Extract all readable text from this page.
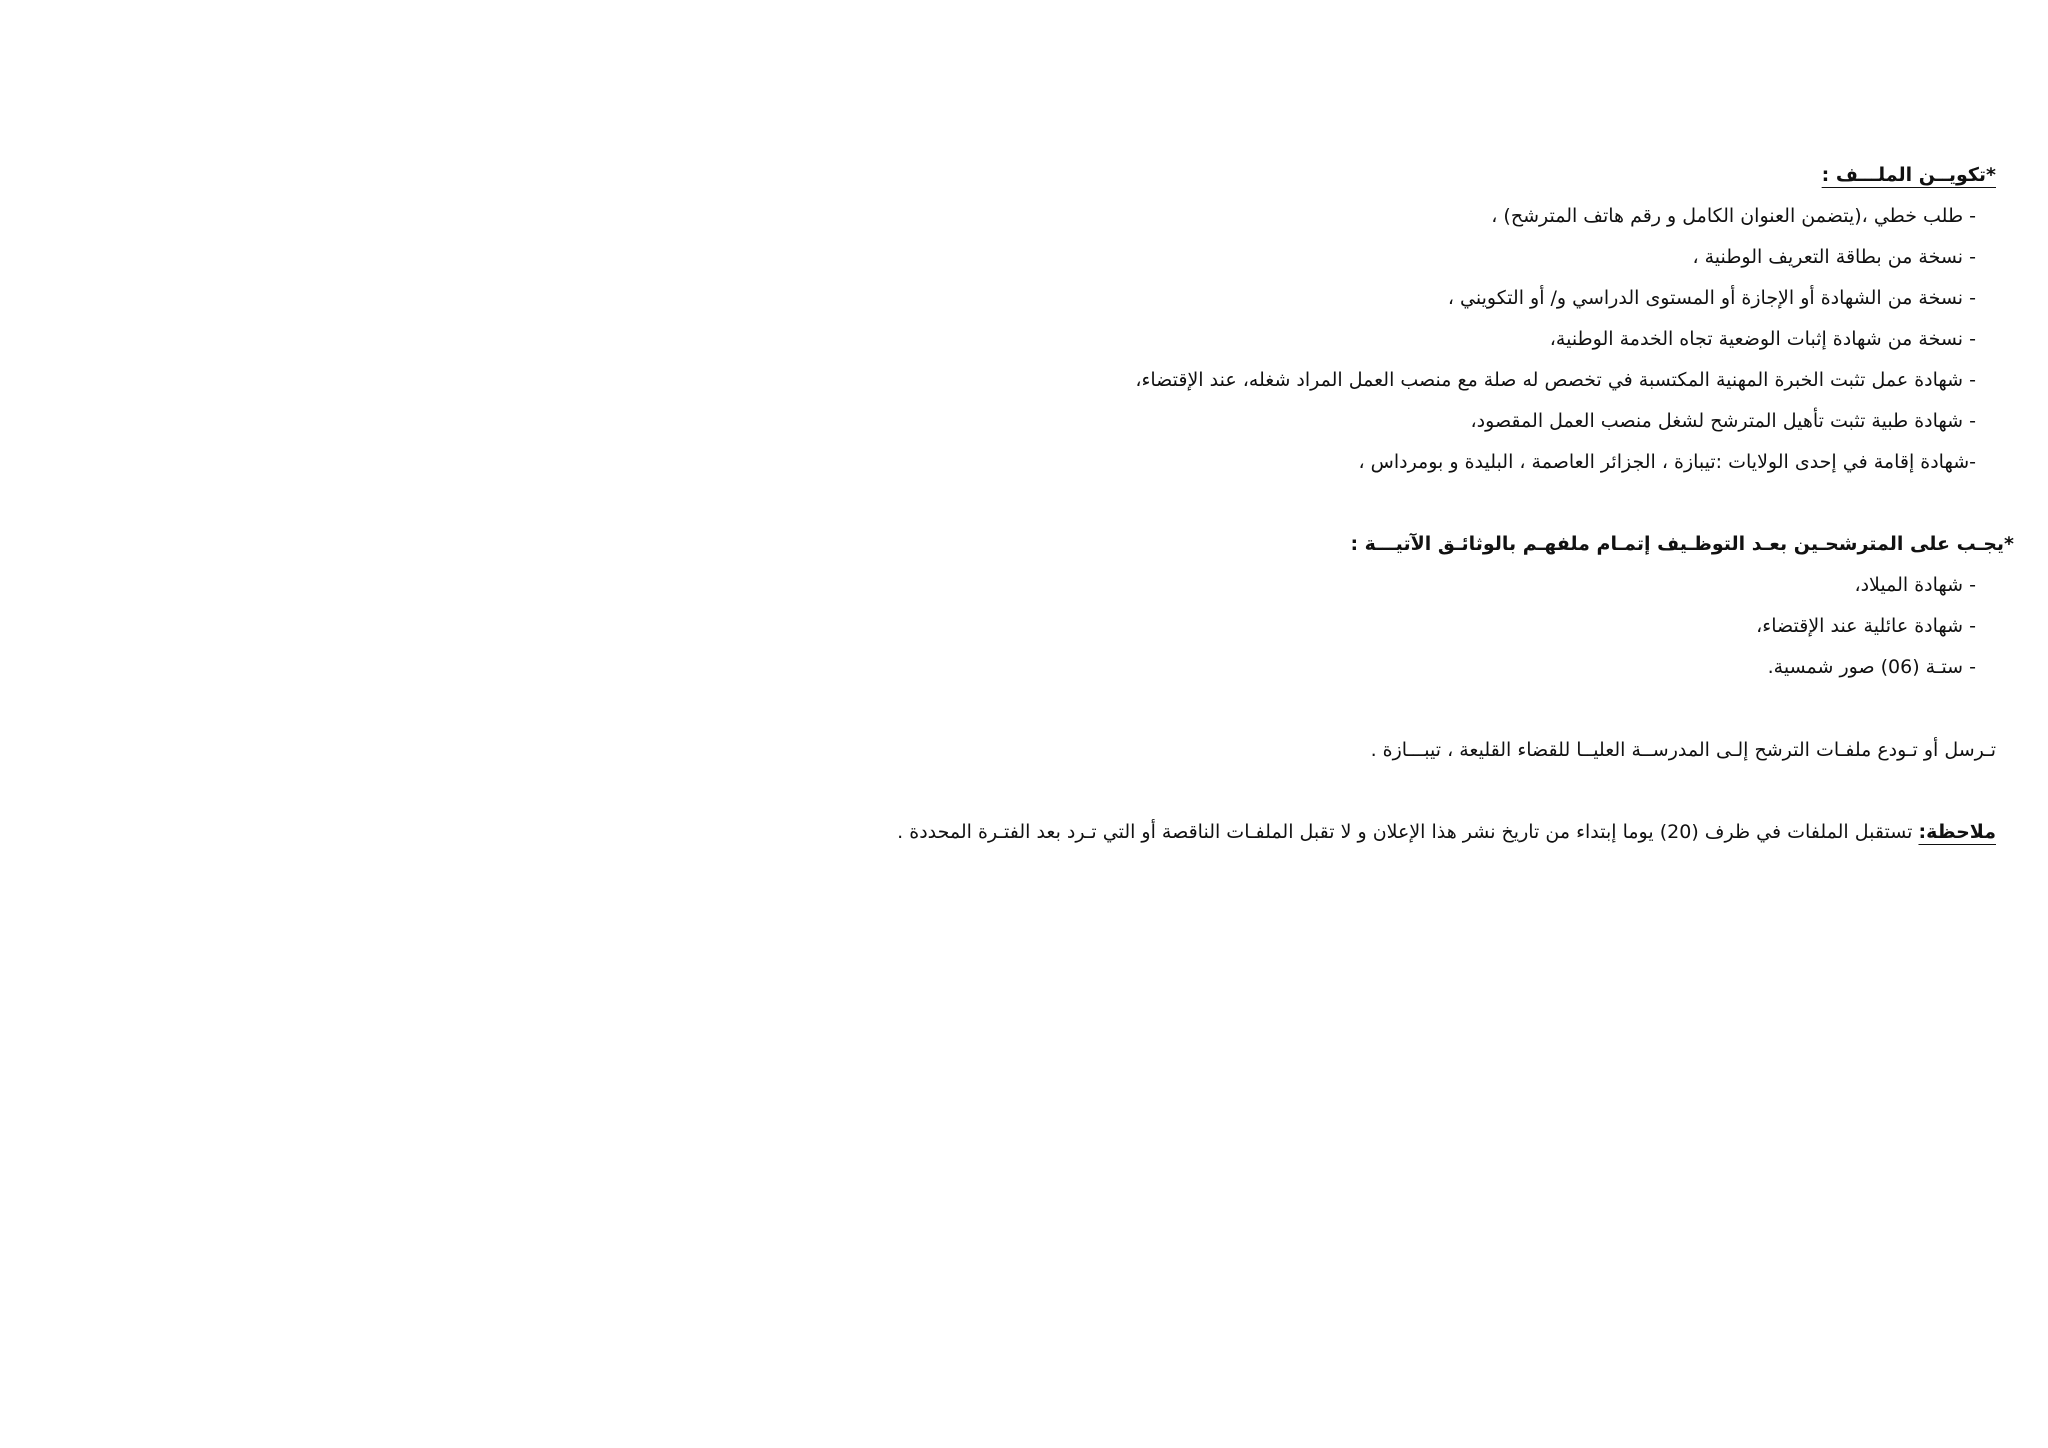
*تكويــن الملـــف :
- طلب خطي ،(يتضمن العنوان الكامل و رقم هاتف المترشح) ،
- نسخة من بطاقة التعريف الوطنية ،
- نسخة من الشهادة أو الإجازة أو المستوى الدراسي و/ أو التكويني ،
- نسخة من شهادة إثبات الوضعية تجاه الخدمة الوطنية،
- شهادة عمل تثبت الخبرة المهنية المكتسبة في تخصص له صلة مع منصب العمل المراد شغله، عند الإقتضاء،
- شهادة طبية تثبت تأهيل المترشح لشغل منصب العمل المقصود،
-شهادة إقامة في إحدى الولايات :تيبازة ، الجزائر العاصمة ، البليدة و بومرداس ،
*يجـب على المترشحـين بعـد التوظـيف إتمـام ملفهـم بالوثائـق الآتيـــة :
- شهادة الميلاد،
- شهادة عائلية عند الإقتضاء،
- ستـة (06) صور شمسية.
تـرسل أو تـودع ملفـات الترشح إلـى المدرســة العليــا للقضاء القليعة ، تيبـــازة .
ملاحظة: تستقبل الملفات في ظرف (20) يوما إبتداء من تاريخ نشر هذا الإعلان و لا تقبل الملفـات الناقصة أو التي تـرد بعد الفتـرة المحددة .
